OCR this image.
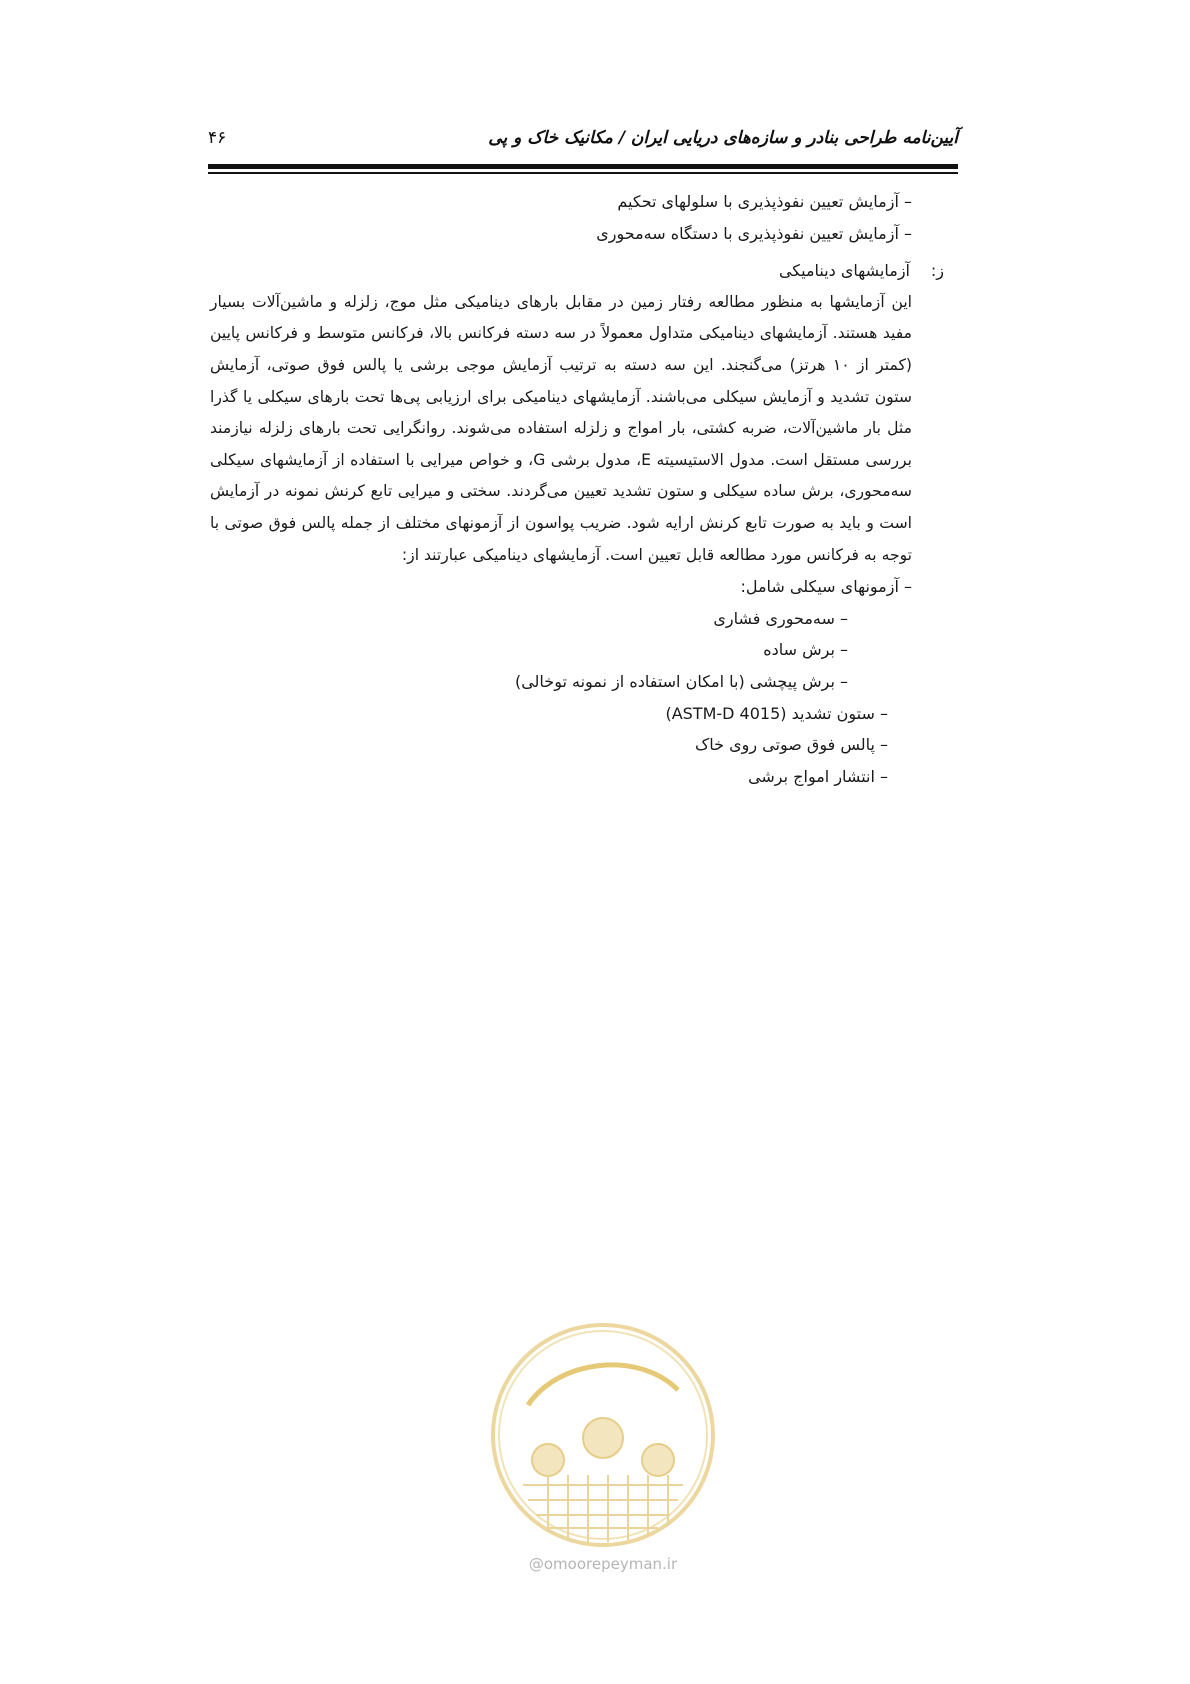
آیین‌نامه طراحی بنادر و سازه‌های دریایی ایران / مکانیک خاک و پی
۴۶

– آزمایش تعیین نفوذپذیری با سلولهای تحکیم

– آزمایش تعیین نفوذپذیری با دستگاه سه‌محوری

ز:
آزمایشهای دینامیکی

این آزمایشها به منظور مطالعه رفتار زمین در مقابل بارهای دینامیکی مثل موج، زلزله و ماشین‌آلات بسیار مفید هستند. آزمایشهای دینامیکی متداول معمولاً در سه دسته فرکانس بالا، فرکانس متوسط و فرکانس پایین (کمتر از ۱۰ هرتز) می‌گنجند. این سه دسته به ترتیب آزمایش موجی برشی یا پالس فوق صوتی، آزمایش ستون تشدید و آزمایش سیکلی می‌باشند. آزمایشهای دینامیکی برای ارزیابی پی‌ها تحت بارهای سیکلی یا گذرا مثل بار ماشین‌آلات، ضربه کشتی، بار امواج و زلزله استفاده می‌شوند. روانگرایی تحت بارهای زلزله نیازمند بررسی مستقل است. مدول الاستیسیته E، مدول برشی G، و خواص میرایی با استفاده از آزمایشهای سیکلی سه‌محوری، برش ساده سیکلی و ستون تشدید تعیین می‌گردند. سختی و میرایی تابع کرنش نمونه در آزمایش است و باید به صورت تابع کرنش ارایه شود. ضریب پواسون از آزمونهای مختلف از جمله پالس فوق صوتی با توجه به فرکانس مورد مطالعه قابل تعیین است. آزمایشهای دینامیکی عبارتند از:

– آزمونهای سیکلی شامل:

– سه‌محوری فشاری

– برش ساده

– برش پیچشی (با امکان استفاده از نمونه توخالی)

– ستون تشدید (ASTM-D 4015)

– پالس فوق صوتی روی خاک

– انتشار امواج برشی

@omoorepeyman.ir
